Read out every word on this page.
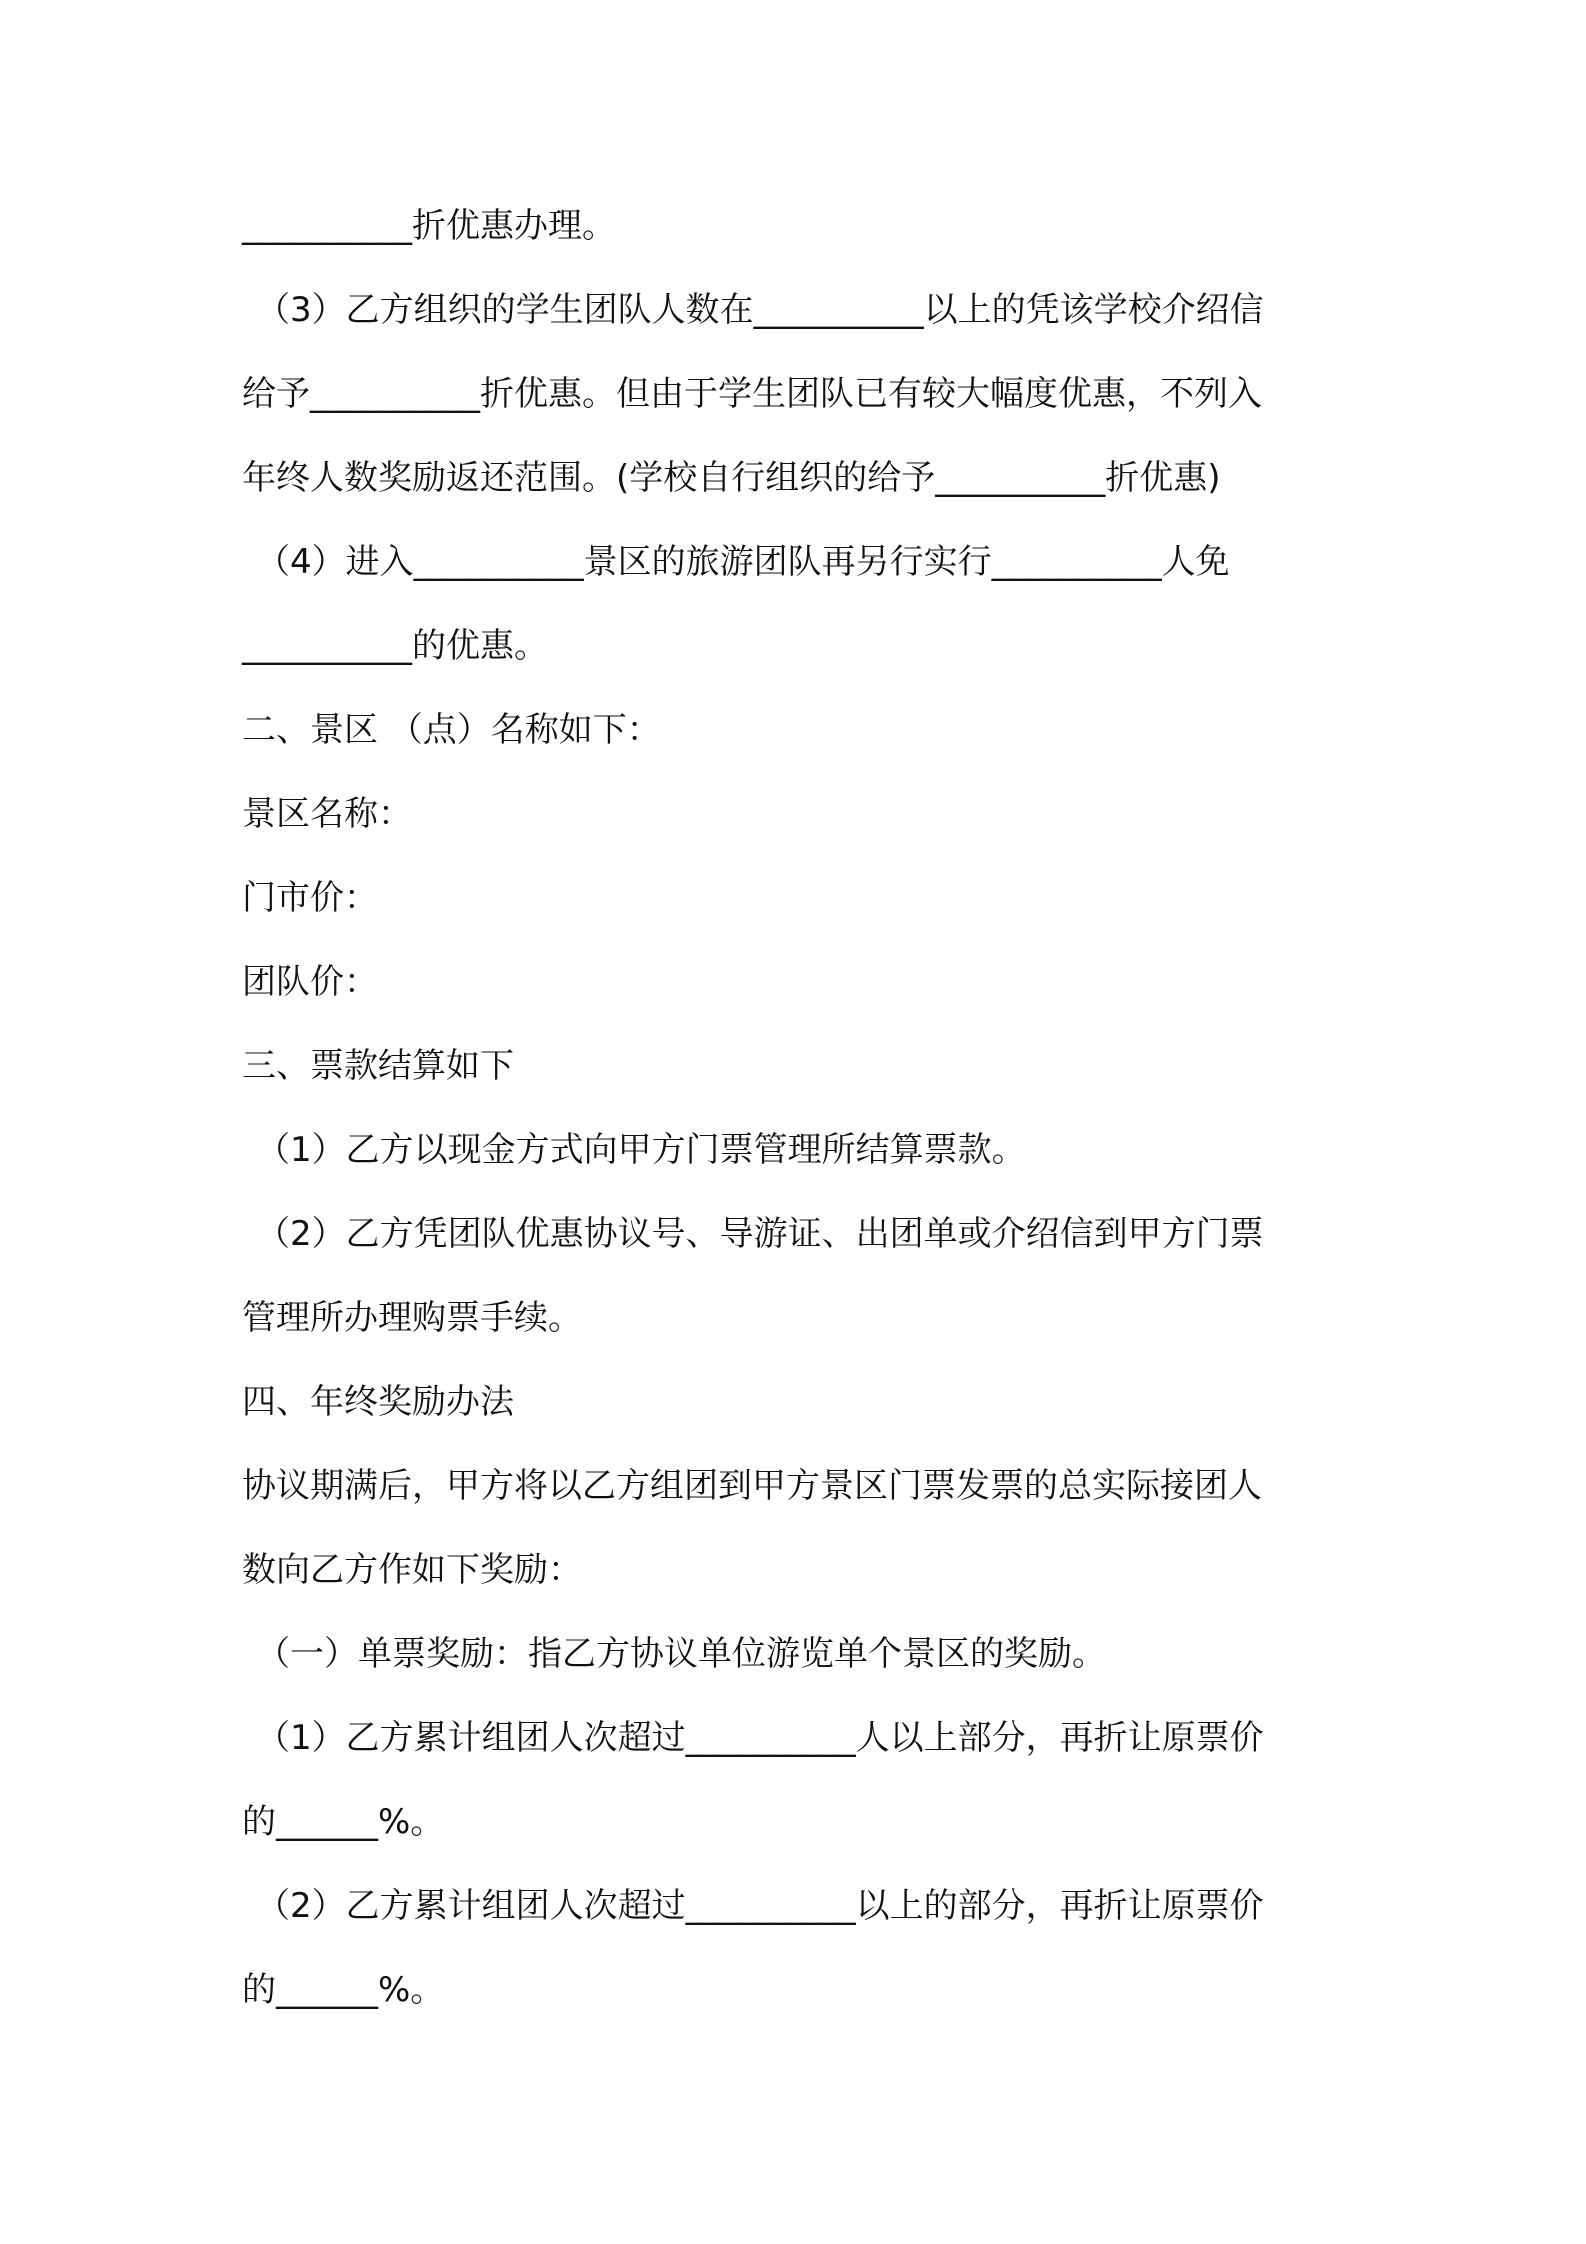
__________折优惠办理。
（3）乙方组织的学生团队人数在__________以上的凭该学校介绍信
给予__________折优惠。但由于学生团队已有较大幅度优惠，不列入
年终人数奖励返还范围。(学校自行组织的给予__________折优惠)
（4）进入__________景区的旅游团队再另行实行__________人免
__________的优惠。
二、景区 （点）名称如下：
景区名称：
门市价：
团队价：
三、票款结算如下
（1）乙方以现金方式向甲方门票管理所结算票款。
（2）乙方凭团队优惠协议号、导游证、出团单或介绍信到甲方门票
管理所办理购票手续。
四、年终奖励办法
协议期满后，甲方将以乙方组团到甲方景区门票发票的总实际接团人
数向乙方作如下奖励：
（一）单票奖励：指乙方协议单位游览单个景区的奖励。
（1）乙方累计组团人次超过__________人以上部分，再折让原票价
的______%。
（2）乙方累计组团人次超过__________以上的部分，再折让原票价
的______%。
